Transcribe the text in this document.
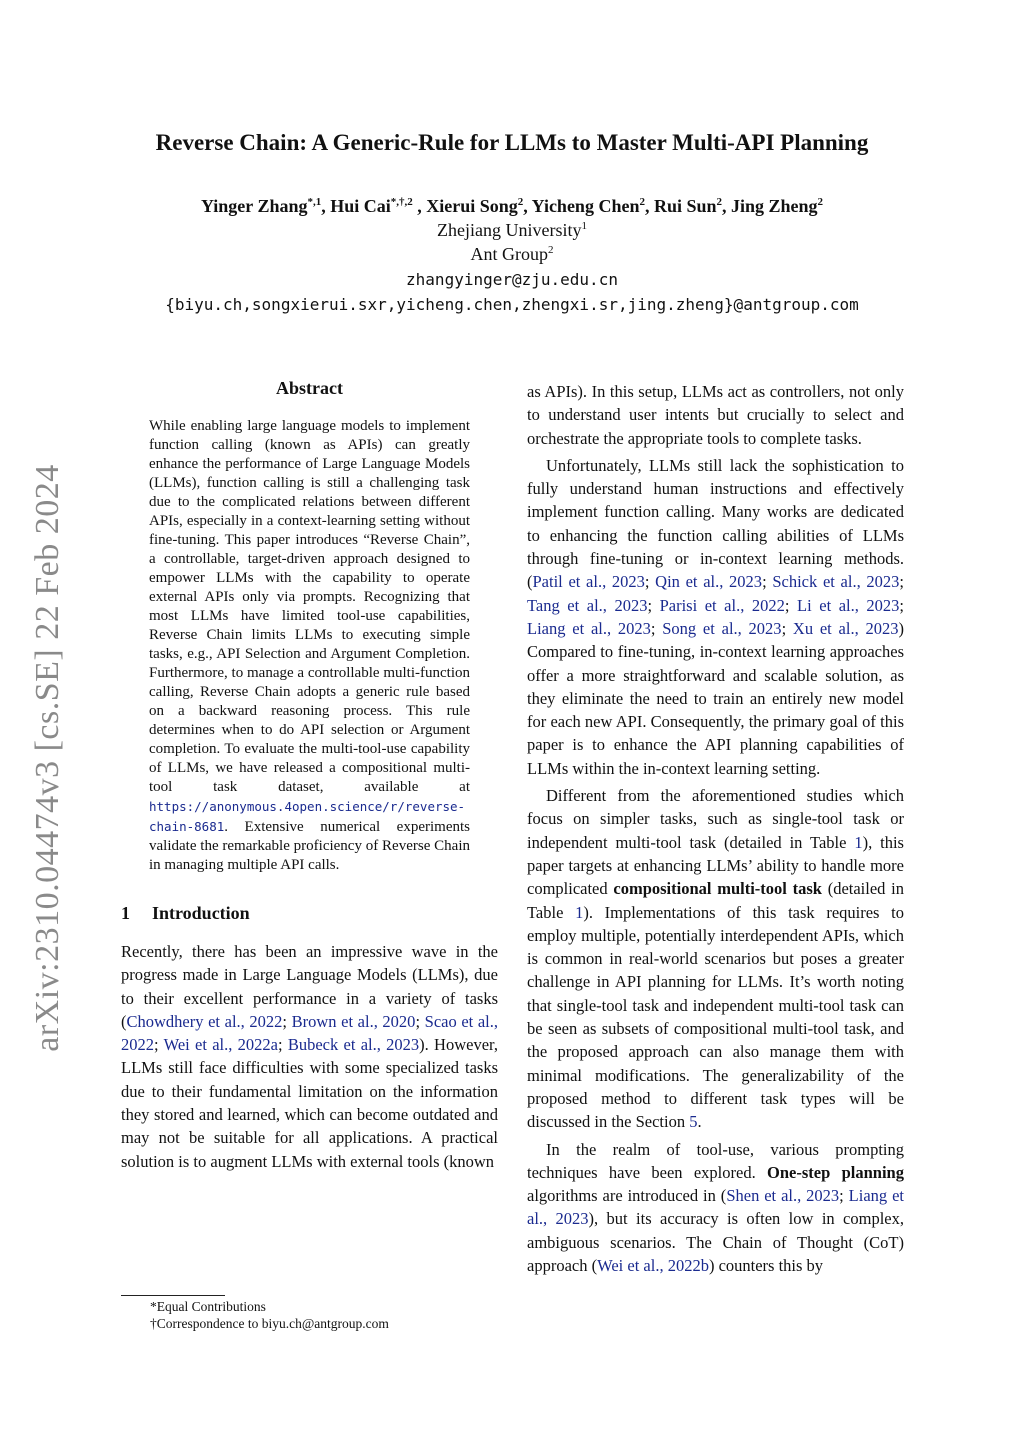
arXiv:2310.04474v3 [cs.SE] 22 Feb 2024
Reverse Chain: A Generic-Rule for LLMs to Master Multi-API Planning
Yinger Zhang$^{*,1}$, Hui Cai$^{*,\dagger,2}$ , Xierui Song$^2$, Yicheng Chen$^2$, Rui Sun$^2$, Jing Zheng$^2$
Zhejiang University$^1$
Ant Group$^2$
zhangyinger@zju.edu.cn
{biyu.ch,songxierui.sxr,yicheng.chen,zhengxi.sr,jing.zheng}@antgroup.com
Abstract

While enabling large language models to implement function calling (known as APIs) can greatly enhance the performance of Large Language Models (LLMs), function calling is still a challenging task due to the complicated relations between different APIs, especially in a context-learning setting without fine-tuning. This paper introduces “Reverse Chain”, a controllable, target-driven approach designed to empower LLMs with the capability to operate external APIs only via prompts. Recognizing that most LLMs have limited tool-use capabilities, Reverse Chain limits LLMs to executing simple tasks, e.g., API Selection and Argument Completion. Furthermore, to manage a controllable multi-function calling, Reverse Chain adopts a generic rule based on a backward reasoning process. This rule determines when to do API selection or Argument completion. To evaluate the multi-tool-use capability of LLMs, we have released a compositional multi-tool task dataset, available at https://anonymous.4open.science/r/reverse-chain-8681. Extensive numerical experiments validate the remarkable proficiency of Reverse Chain in managing multiple API calls.

1 Introduction

Recently, there has been an impressive wave in the progress made in Large Language Models (LLMs), due to their excellent performance in a variety of tasks (Chowdhery et al., 2022; Brown et al., 2020; Scao et al., 2022; Wei et al., 2022a; Bubeck et al., 2023). However, LLMs still face difficulties with some specialized tasks due to their fundamental limitation on the information they stored and learned, which can become outdated and may not be suitable for all applications. A practical solution is to augment LLMs with external tools (known

as APIs). In this setup, LLMs act as controllers, not only to understand user intents but crucially to select and orchestrate the appropriate tools to complete tasks.

Unfortunately, LLMs still lack the sophistication to fully understand human instructions and effectively implement function calling. Many works are dedicated to enhancing the function calling abilities of LLMs through fine-tuning or in-context learning methods. (Patil et al., 2023; Qin et al., 2023; Schick et al., 2023; Tang et al., 2023; Parisi et al., 2022; Li et al., 2023; Liang et al., 2023; Song et al., 2023; Xu et al., 2023) Compared to fine-tuning, in-context learning approaches offer a more straightforward and scalable solution, as they eliminate the need to train an entirely new model for each new API. Consequently, the primary goal of this paper is to enhance the API planning capabilities of LLMs within the in-context learning setting.

Different from the aforementioned studies which focus on simpler tasks, such as single-tool task or independent multi-tool task (detailed in Table 1), this paper targets at enhancing LLMs’ ability to handle more complicated compositional multi-tool task (detailed in Table 1). Implementations of this task requires to employ multiple, potentially interdependent APIs, which is common in real-world scenarios but poses a greater challenge in API planning for LLMs. It’s worth noting that single-tool task and independent multi-tool task can be seen as subsets of compositional multi-tool task, and the proposed approach can also manage them with minimal modifications. The generalizability of the proposed method to different task types will be discussed in the Section 5.

In the realm of tool-use, various prompting techniques have been explored. One-step planning algorithms are introduced in (Shen et al., 2023; Liang et al., 2023), but its accuracy is often low in complex, ambiguous scenarios. The Chain of Thought (CoT) approach (Wei et al., 2022b) counters this by

*Equal Contributions
†Correspondence to biyu.ch@antgroup.com
